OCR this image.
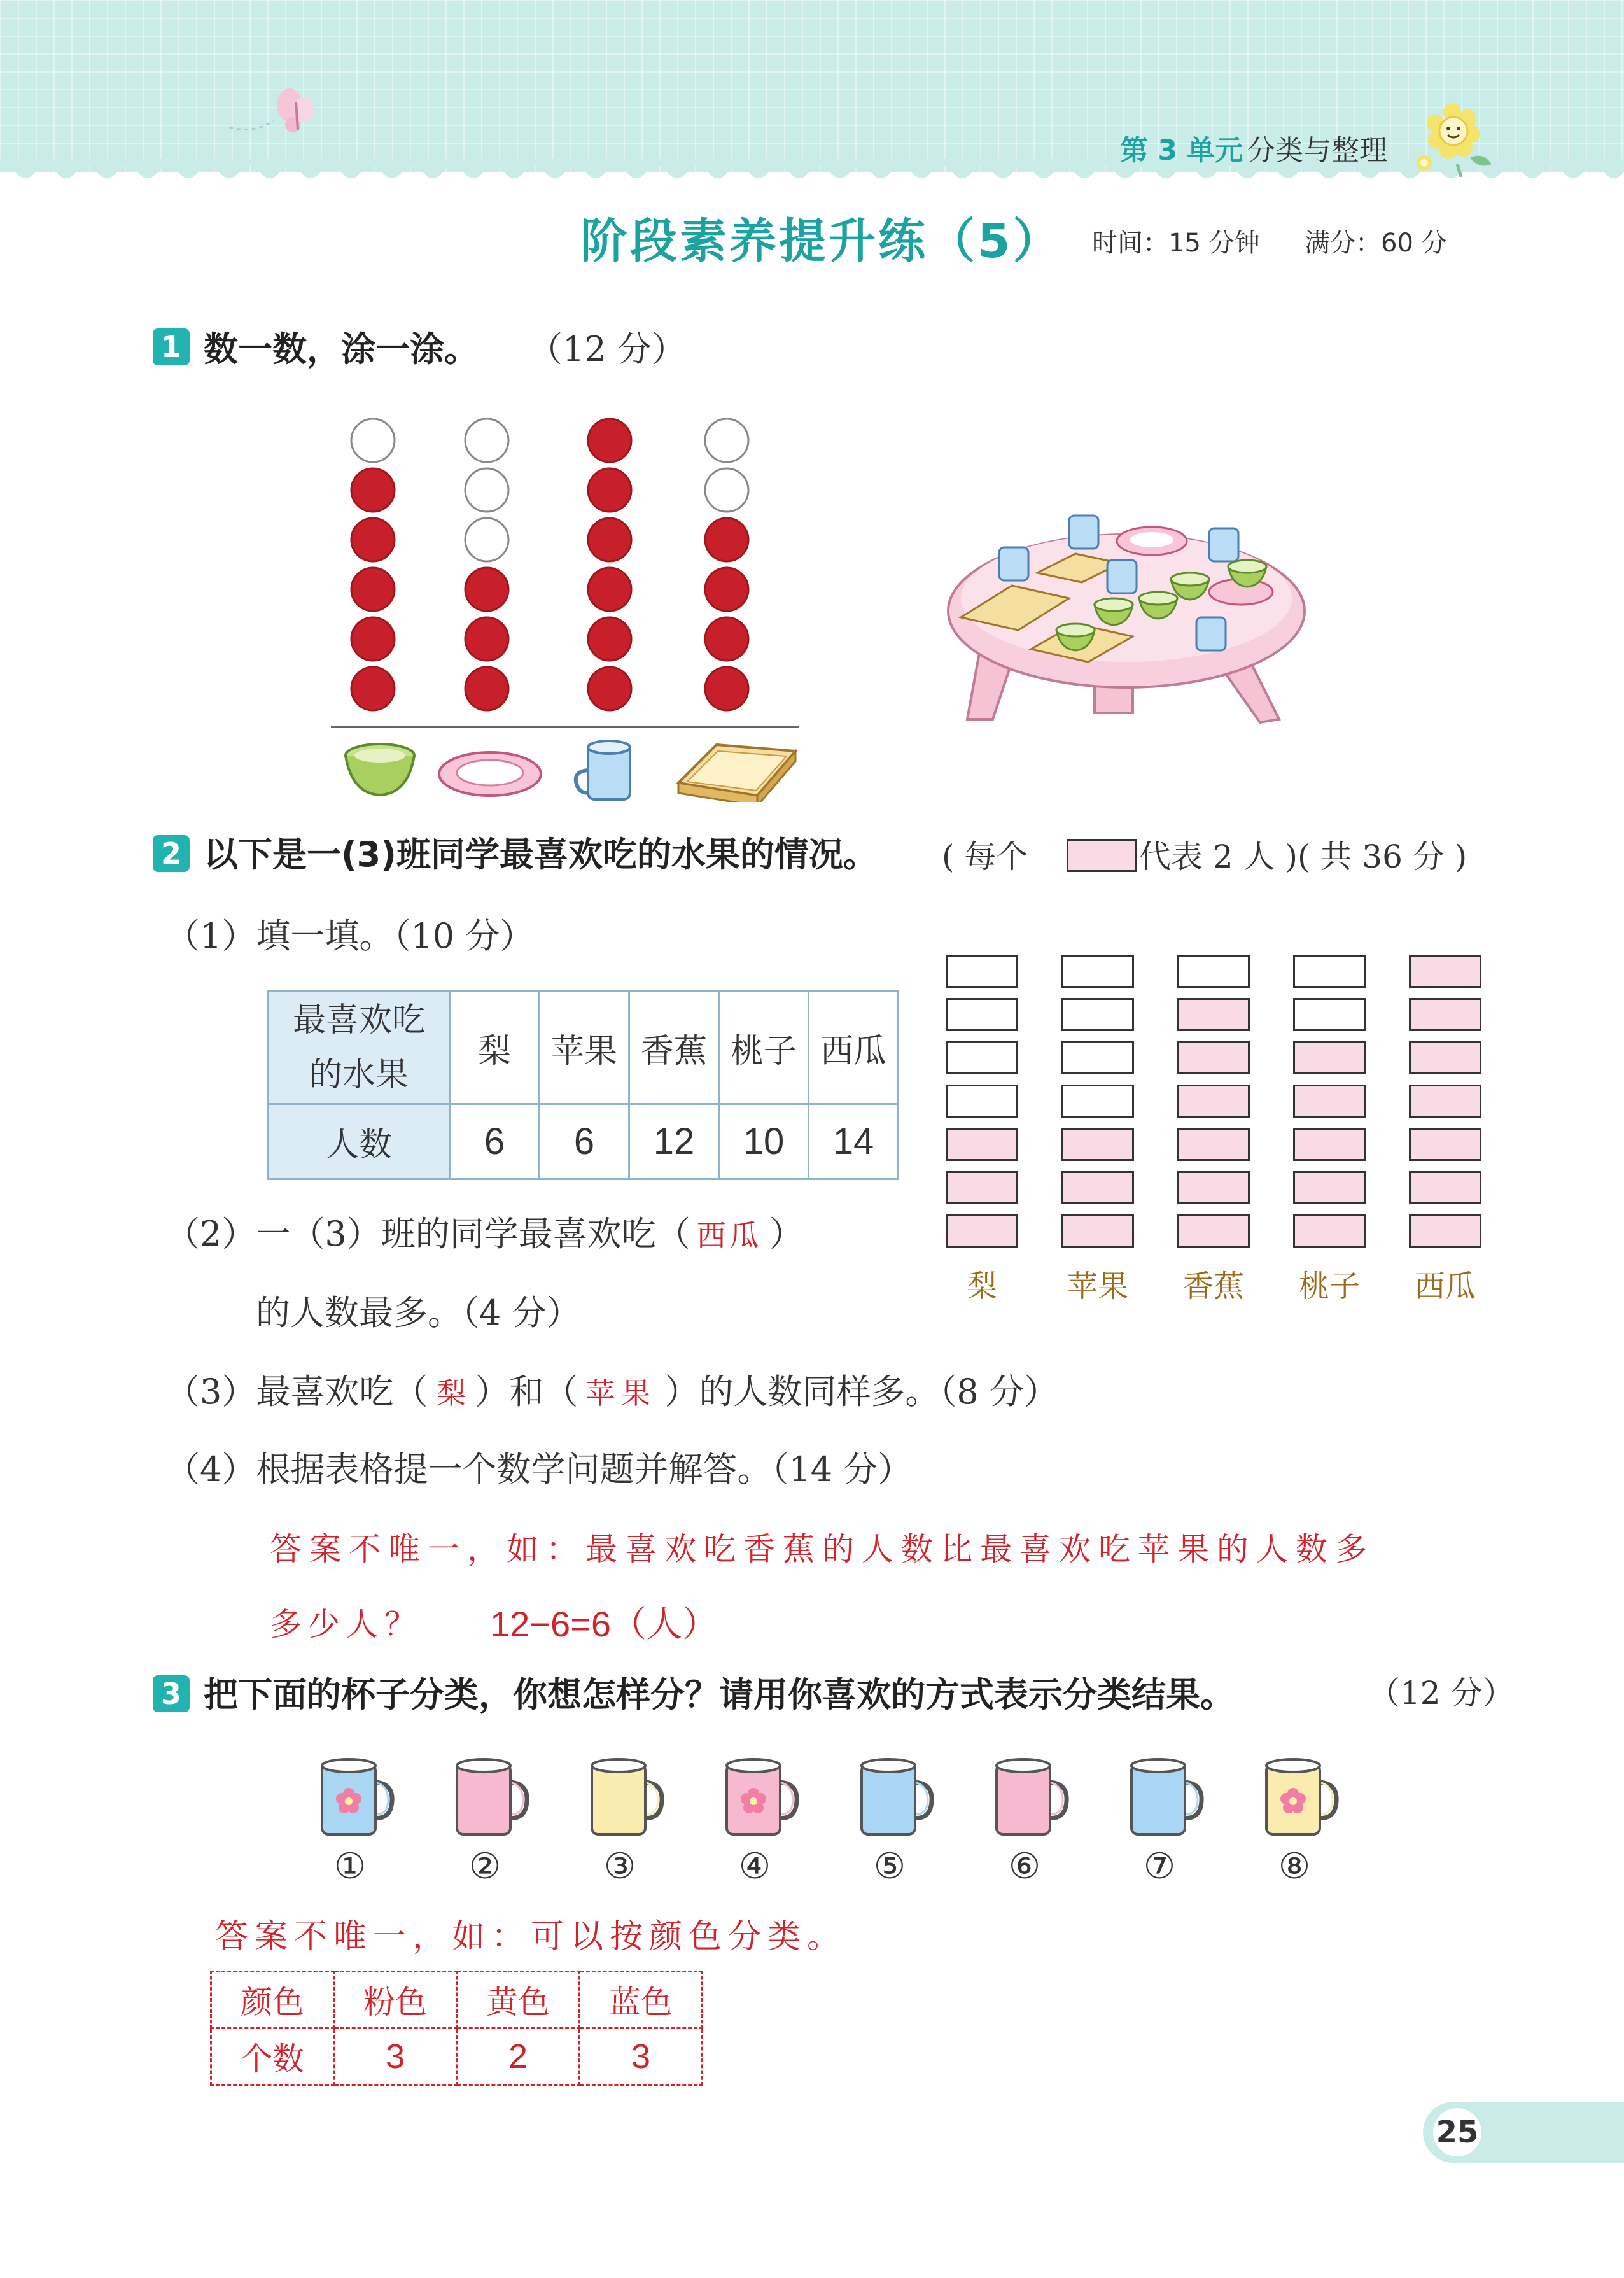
第 3 单元 分类与整理
阶段素养提升练（5） 时间：15 分钟 满分：60 分
1 数一数，涂一涂。 （12 分）
2 以下是一(3)班同学最喜欢吃的水果的情况。 ( 每个	代表 2 人 )( 共 36 分 )
（1）填一填。（10 分）
最喜欢吃
的水果	梨	苹果	香蕉	桃子	西瓜
人数	6	6	12	10	14
梨	苹果 香蕉 桃子 西瓜
（2）一（3）班的同学最喜欢吃（ 西瓜 ）
的人数最多。（4 分）
（3）最喜欢吃（ 梨 ）和（ 苹果 ）的人数同样多。（8 分）
（4）根据表格提一个数学问题并解答。（14 分）
答案不唯一，如：最喜欢吃香蕉的人数比最喜欢吃苹果的人数多
多少人？ 12−6=6（人）
3 把下面的杯子分类，你想怎样分？请用你喜欢的方式表示分类结果。	（12 分）
①	②	③	④	⑤	⑥	⑦	⑧
答案不唯一，如：可以按颜色分类。
颜色	粉色	黄色	蓝色
个数	3	2	3
25
